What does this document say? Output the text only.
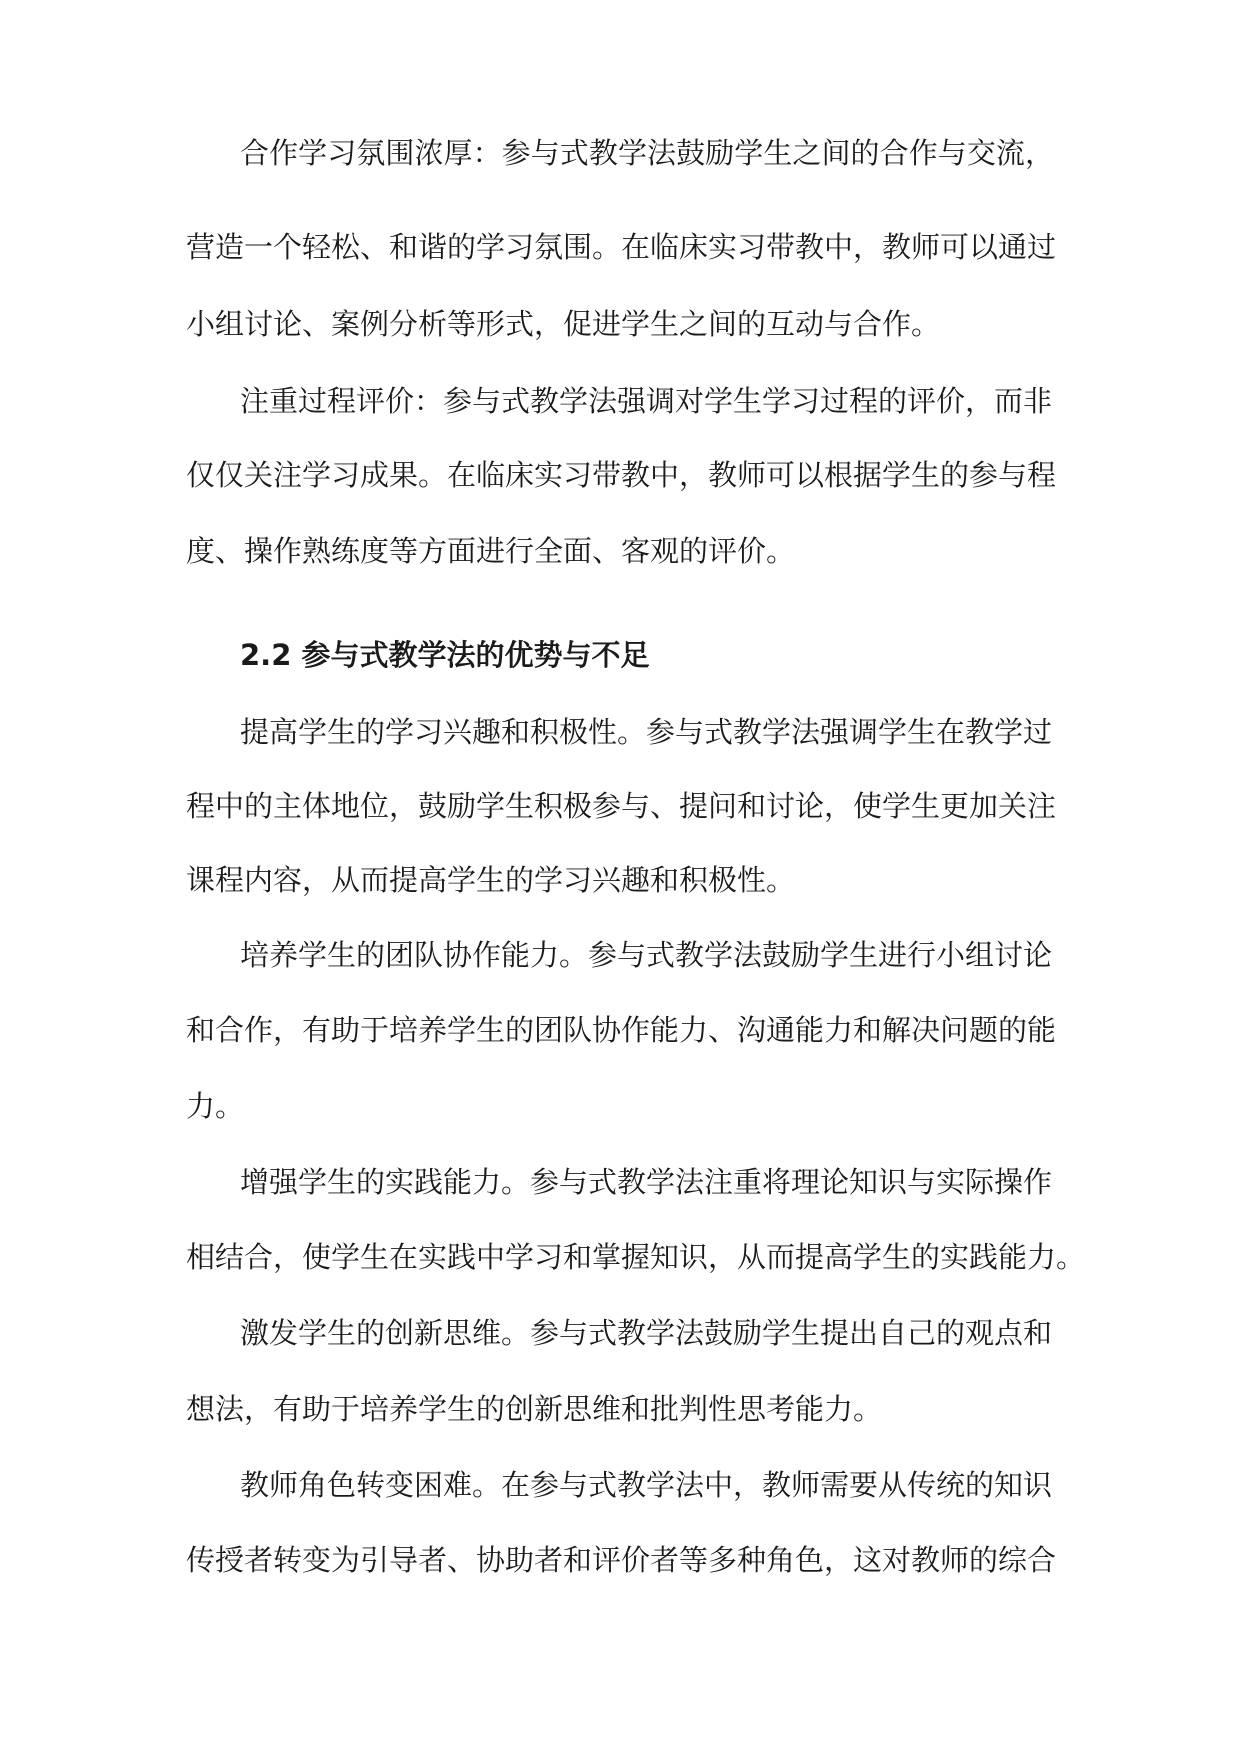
合作学习氛围浓厚：参与式教学法鼓励学生之间的合作与交流，

营造一个轻松、和谐的学习氛围。在临床实习带教中，教师可以通过

小组讨论、案例分析等形式，促进学生之间的互动与合作。

注重过程评价：参与式教学法强调对学生学习过程的评价，而非

仅仅关注学习成果。在临床实习带教中，教师可以根据学生的参与程

度、操作熟练度等方面进行全面、客观的评价。

2.2 参与式教学法的优势与不足

提高学生的学习兴趣和积极性。参与式教学法强调学生在教学过

程中的主体地位，鼓励学生积极参与、提问和讨论，使学生更加关注

课程内容，从而提高学生的学习兴趣和积极性。

培养学生的团队协作能力。参与式教学法鼓励学生进行小组讨论

和合作，有助于培养学生的团队协作能力、沟通能力和解决问题的能

力。

增强学生的实践能力。参与式教学法注重将理论知识与实际操作

相结合，使学生在实践中学习和掌握知识，从而提高学生的实践能力。

激发学生的创新思维。参与式教学法鼓励学生提出自己的观点和

想法，有助于培养学生的创新思维和批判性思考能力。

教师角色转变困难。在参与式教学法中，教师需要从传统的知识

传授者转变为引导者、协助者和评价者等多种角色，这对教师的综合
